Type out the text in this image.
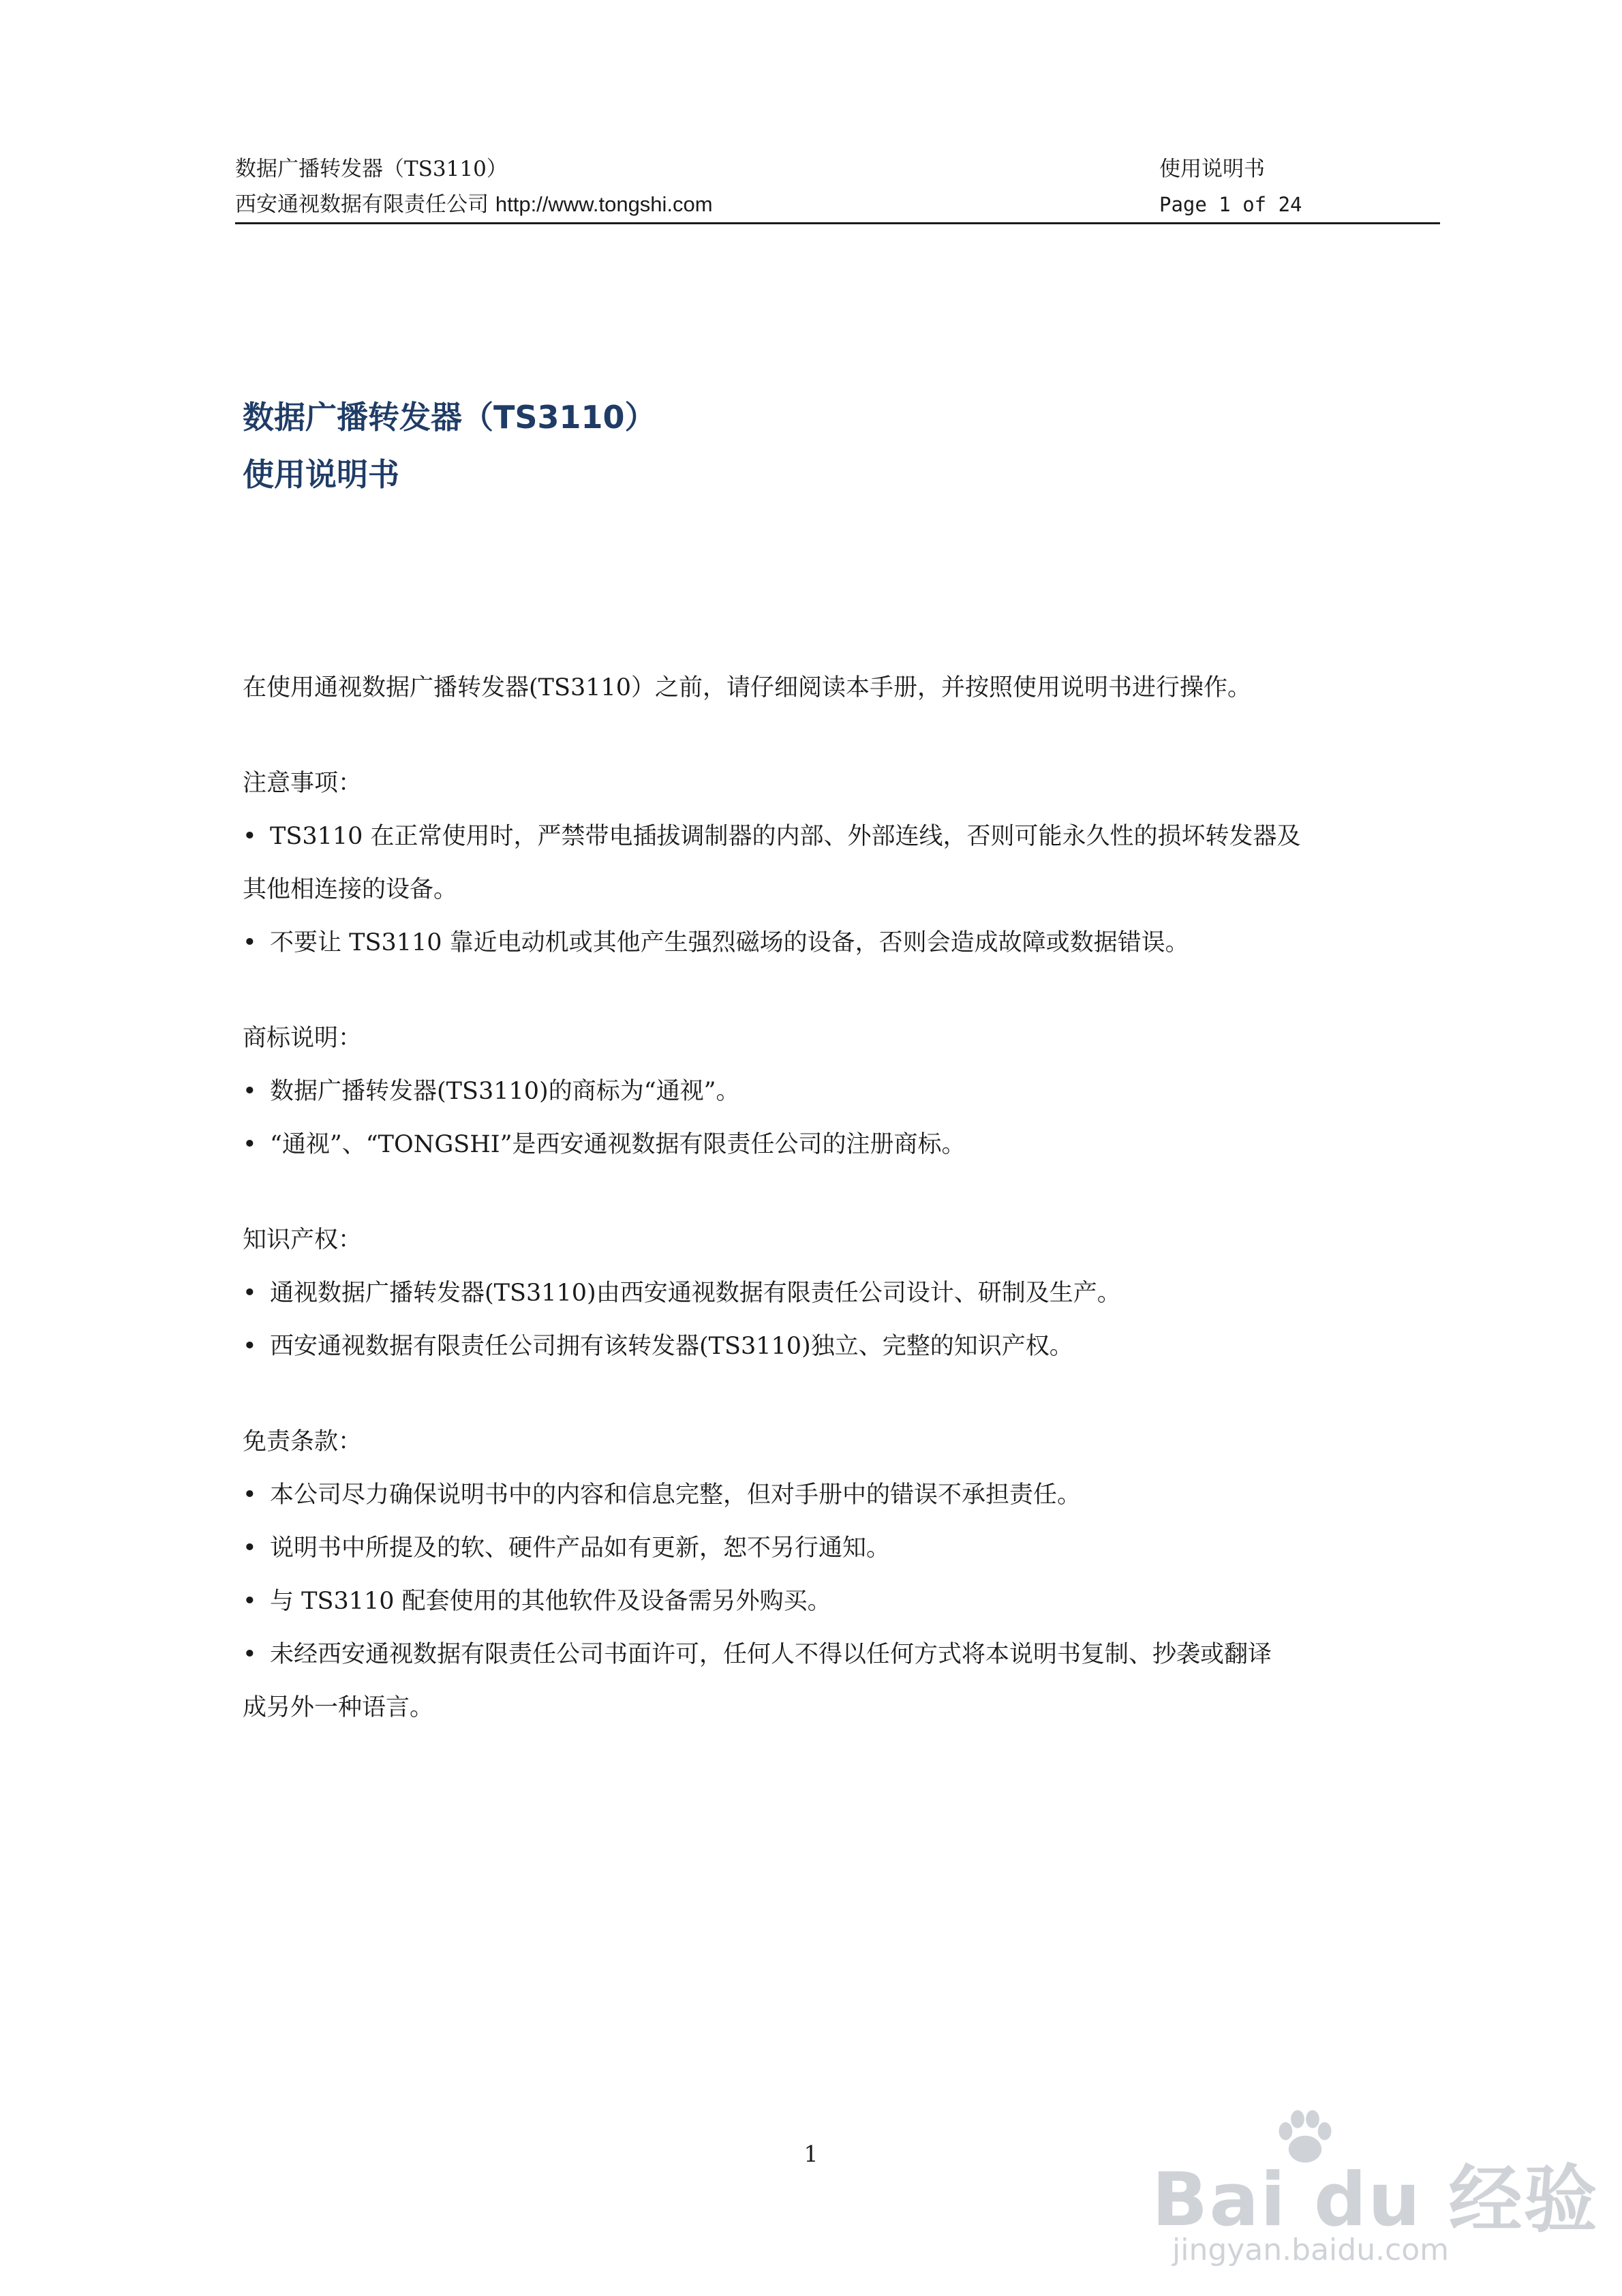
数据广播转发器（TS3110）	使用说明书
西安通视数据有限责任公司 http://www.tongshi.com	Page 1 of 24
数据广播转发器（TS3110）
使用说明书

在使用通视数据广播转发器(TS3110）之前，请仔细阅读本手册，并按照使用说明书进行操作。

注意事项：

• TS3110 在正常使用时，严禁带电插拔调制器的内部、外部连线，否则可能永久性的损坏转发器及

其他相连接的设备。

• 不要让 TS3110 靠近电动机或其他产生强烈磁场的设备，否则会造成故障或数据错误。

商标说明：

• 数据广播转发器(TS3110)的商标为“通视”。

• “通视”、“TONGSHI”是西安通视数据有限责任公司的注册商标。

知识产权：

• 通视数据广播转发器(TS3110)由西安通视数据有限责任公司设计、研制及生产。

• 西安通视数据有限责任公司拥有该转发器(TS3110)独立、完整的知识产权。

免责条款：

• 本公司尽力确保说明书中的内容和信息完整，但对手册中的错误不承担责任。

• 说明书中所提及的软、硬件产品如有更新，恕不另行通知。

• 与 TS3110 配套使用的其他软件及设备需另外购买。

• 未经西安通视数据有限责任公司书面许可，任何人不得以任何方式将本说明书复制、抄袭或翻译

成另外一种语言。

1
Bai du 经验
jingyan.baidu.com
